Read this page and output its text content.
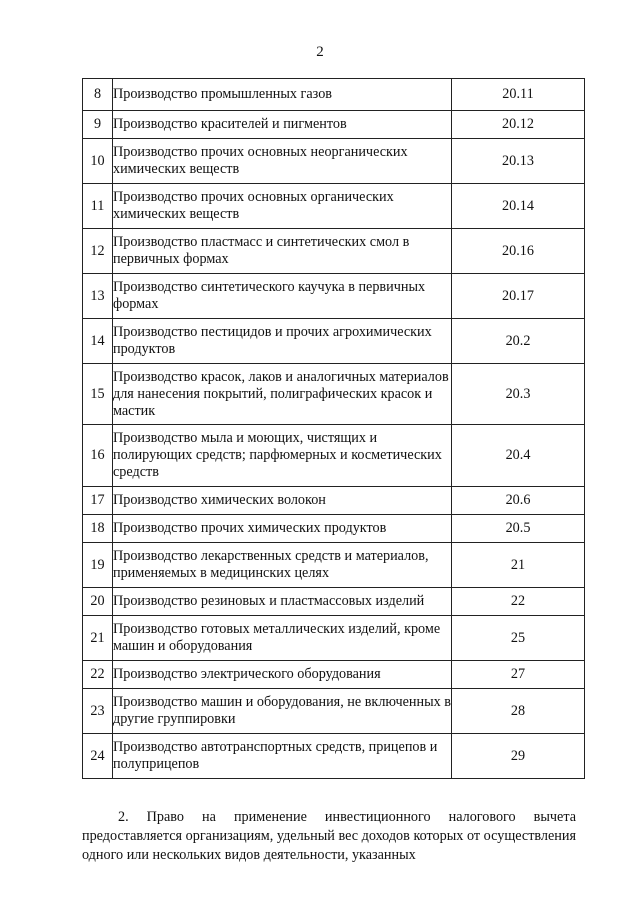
2
8	Производство промышленных газов	20.11
9	Производство красителей и пигментов	20.12
10	Производство прочих основных неорганических химических веществ	20.13
11	Производство прочих основных органических химических веществ	20.14
12	Производство пластмасс и синтетических смол в первичных формах	20.16
13	Производство синтетического каучука в первичных формах	20.17
14	Производство пестицидов и прочих агрохимических продуктов	20.2
15	Производство красок, лаков и аналогичных материалов для нанесения покрытий, полиграфических красок и мастик	20.3
16	Производство мыла и моющих, чистящих и полирующих средств; парфюмерных и косметических средств	20.4
17	Производство химических волокон	20.6
18	Производство прочих химических продуктов	20.5
19	Производство лекарственных средств и материалов, применяемых в медицинских целях	21
20	Производство резиновых и пластмассовых изделий	22
21	Производство готовых металлических изделий, кроме машин и оборудования	25
22	Производство электрического оборудования	27
23	Производство машин и оборудования, не включенных в другие группировки	28
24	Производство автотранспортных средств, прицепов и полуприцепов	29
2. Право на применение инвестиционного налогового вычета предоставляется организациям, удельный вес доходов которых от осуществления одного или нескольких видов деятельности, указанных
